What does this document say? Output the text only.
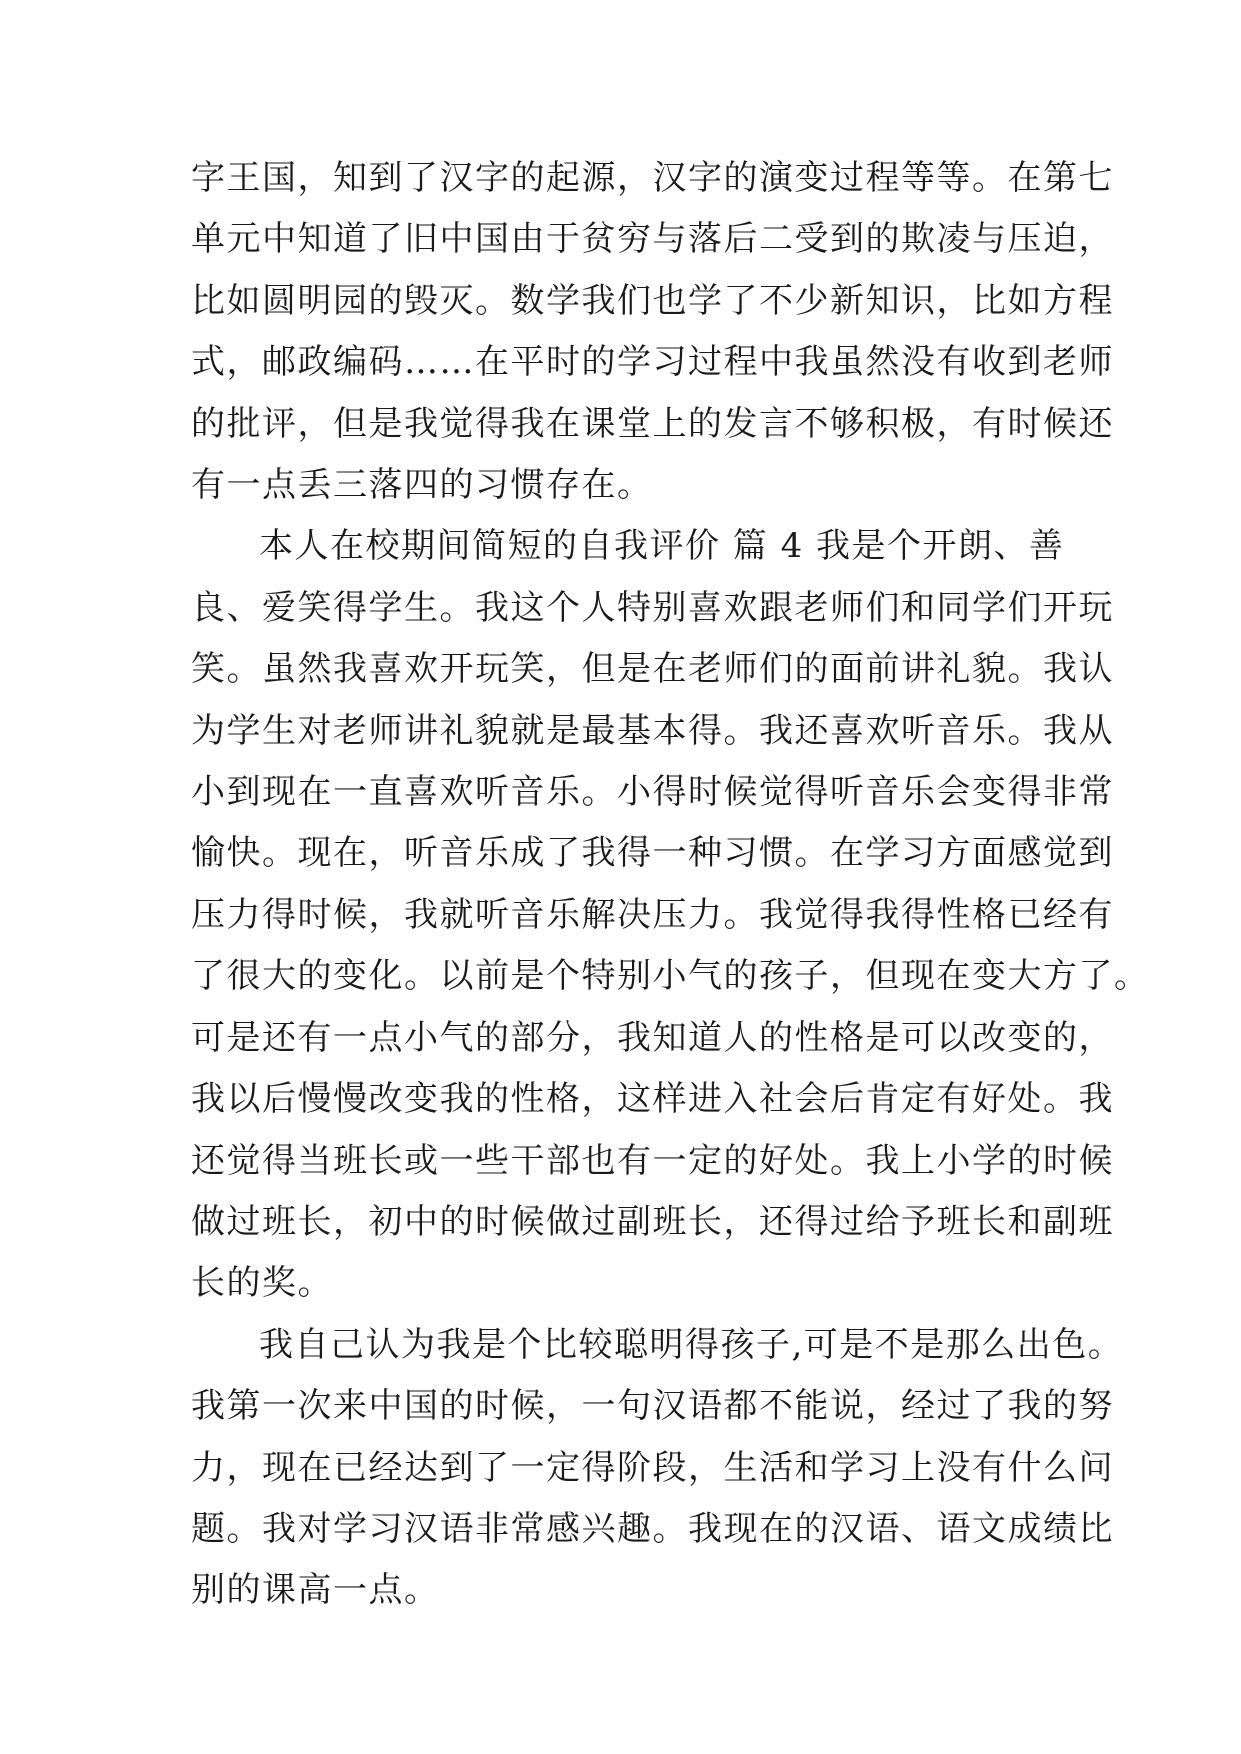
字王国，知到了汉字的起源，汉字的演变过程等等。在第七
单元中知道了旧中国由于贫穷与落后二受到的欺凌与压迫，
比如圆明园的毁灭。数学我们也学了不少新知识，比如方程
式，邮政编码……在平时的学习过程中我虽然没有收到老师
的批评，但是我觉得我在课堂上的发言不够积极，有时候还
有一点丢三落四的习惯存在。

本人在校期间简短的自我评价 篇 4 我是个开朗、善
良、爱笑得学生。我这个人特别喜欢跟老师们和同学们开玩
笑。虽然我喜欢开玩笑，但是在老师们的面前讲礼貌。我认
为学生对老师讲礼貌就是最基本得。我还喜欢听音乐。我从
小到现在一直喜欢听音乐。小得时候觉得听音乐会变得非常
愉快。现在，听音乐成了我得一种习惯。在学习方面感觉到
压力得时候，我就听音乐解决压力。我觉得我得性格已经有
了很大的变化。以前是个特别小气的孩子，但现在变大方了。
可是还有一点小气的部分，我知道人的性格是可以改变的，
我以后慢慢改变我的性格，这样进入社会后肯定有好处。我
还觉得当班长或一些干部也有一定的好处。我上小学的时候
做过班长，初中的时候做过副班长，还得过给予班长和副班
长的奖。

我自己认为我是个比较聪明得孩子,可是不是那么出色。
我第一次来中国的时候，一句汉语都不能说，经过了我的努
力，现在已经达到了一定得阶段，生活和学习上没有什么问
题。我对学习汉语非常感兴趣。我现在的汉语、语文成绩比
别的课高一点。
